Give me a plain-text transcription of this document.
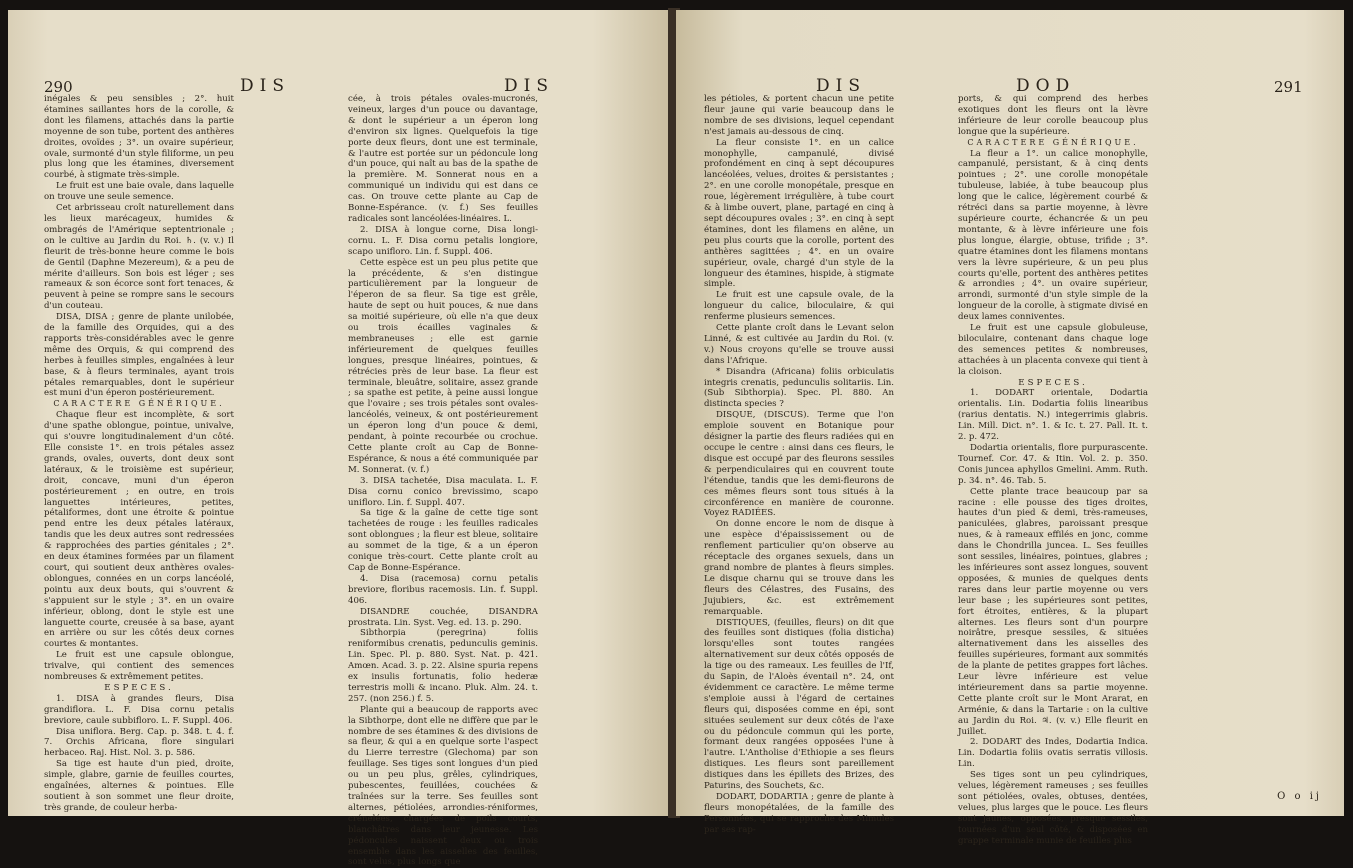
290	DIS	DIS

inégales & peu sensibles ; 2°. huit étamines saillantes hors de la corolle, & dont les filamens, attachés dans la partie moyenne de son tube, portent des anthères droites, ovoïdes ; 3°. un ovaire supérieur, ovale, surmonté d'un style filiforme, un peu plus long que les étamines, diversement courbé, à stigmate très-simple.

Le fruit est une baie ovale, dans laquelle on trouve une seule semence.

Cet arbrisseau croît naturellement dans les lieux marécageux, humides & ombragés de l'Amérique septentrionale ; on le cultive au Jardin du Roi. ♄. (v. v.) Il fleurit de très-bonne heure comme le bois de Gentil (Daphne Mezereum), & a peu de mérite d'ailleurs. Son bois est léger ; ses rameaux & son écorce sont fort tenaces, & peuvent à peine se rompre sans le secours d'un couteau.

DISA, DISA ; genre de plante unilobée, de la famille des Orquides, qui a des rapports très-considérables avec le genre même des Orquis, & qui comprend des herbes à feuilles simples, engaînées à leur base, & à fleurs terminales, ayant trois pétales remarquables, dont le supérieur est muni d'un éperon postérieurement.

CARACTERE GÉNÉRIQUE.

Chaque fleur est incomplète, & sort d'une spathe oblongue, pointue, univalve, qui s'ouvre longitudinalement d'un côté. Elle consiste 1°. en trois pétales assez grands, ovales, ouverts, dont deux sont latéraux, & le troisième est supérieur, droit, concave, muni d'un éperon postérieurement ; en outre, en trois languettes intérieures, petites, pétaliformes, dont une étroite & pointue pend entre les deux pétales latéraux, tandis que les deux autres sont redressées & rapprochées des parties génitales ; 2°. en deux étamines formées par un filament court, qui soutient deux anthères ovales-oblongues, connées en un corps lancéolé, pointu aux deux bouts, qui s'ouvrent & s'appuient sur le style ; 3°. en un ovaire inférieur, oblong, dont le style est une languette courte, creusée à sa base, ayant en arrière ou sur les côtés deux cornes courtes & montantes.

Le fruit est une capsule oblongue, trivalve, qui contient des semences nombreuses & extrêmement petites.

ESPECES.

1. DISA à grandes fleurs, Disa grandiflora. L. F. Disa cornu petalis breviore, caule subbifloro. L. F. Suppl. 406.

Disa uniflora. Berg. Cap. p. 348. t. 4. f. 7. Orchis Africana, flore singulari herbaceo. Raj. Hist. Nol. 3. p. 586.

Sa tige est haute d'un pied, droite, simple, glabre, garnie de feuilles courtes, engaînées, alternes & pointues. Elle soutient à son sommet une fleur droite, très grande, de couleur herba-

cée, à trois pétales ovales-mucronés, veineux, larges d'un pouce ou davantage, & dont le supérieur a un éperon long d'environ six lignes. Quelquefois la tige porte deux fleurs, dont une est terminale, & l'autre est portée sur un pédoncule long d'un pouce, qui naît au bas de la spathe de la première. M. Sonnerat nous en a communiqué un individu qui est dans ce cas. On trouve cette plante au Cap de Bonne-Espérance. (v. f.) Ses feuilles radicales sont lancéolées-linéaires. L.

2. DISA à longue corne, Disa longi-cornu. L. F. Disa cornu petalis longiore, scapo unifloro. Lin. f. Suppl. 406.

Cette espèce est un peu plus petite que la précédente, & s'en distingue particulièrement par la longueur de l'éperon de sa fleur. Sa tige est grêle, haute de sept ou huit pouces, & nue dans sa moitié supérieure, où elle n'a que deux ou trois écailles vaginales & membraneuses ; elle est garnie inférieurement de quelques feuilles longues, presque linéaires, pointues, & rétrécies près de leur base. La fleur est terminale, bleuâtre, solitaire, assez grande ; sa spathe est petite, à peine aussi longue que l'ovaire ; ses trois pétales sont ovales-lancéolés, veineux, & ont postérieurement un éperon long d'un pouce & demi, pendant, à pointe recourbée ou crochue. Cette plante croît au Cap de Bonne-Espérance, & nous a été communiquée par M. Sonnerat. (v. f.)

3. DISA tachetée, Disa maculata. L. F. Disa cornu conico brevissimo, scapo unifloro. Lin. f. Suppl. 407.

Sa tige & la gaîne de cette tige sont tachetées de rouge : les feuilles radicales sont oblongues ; la fleur est bleue, solitaire au sommet de la tige, & a un éperon conique très-court. Cette plante croît au Cap de Bonne-Espérance.

4. Disa (racemosa) cornu petalis breviore, floribus racemosis. Lin. f. Suppl. 406.

DISANDRE couchée, DISANDRA prostrata. Lin. Syst. Veg. ed. 13. p. 290.

Sibthorpia (peregrina) foliis reniformibus crenatis, pedunculis geminis. Lin. Spec. Pl. p. 880. Syst. Nat. p. 421. Amœn. Acad. 3. p. 22. Alsine spuria repens ex insulis fortunatis, folio hederæ terrestris molli & incano. Pluk. Alm. 24. t. 257. (non 256.) f. 5.

Plante qui a beaucoup de rapports avec la Sibthorpe, dont elle ne diffère que par le nombre de ses étamines & des divisions de sa fleur, & qui a en quelque sorte l'aspect du Lierre terrestre (Glechoma) par son feuillage. Ses tiges sont longues d'un pied ou un peu plus, grêles, cylindriques, pubescentes, feuillées, couchées & traînées sur la terre. Ses feuilles sont alternes, pétiolées, arrondies-réniformes, crénelées, chargées de poils courts, blanchâtres dans leur jeunesse. Les pédoncules naissent deux ou trois ensemble dans les aisselles des feuilles, sont velus, plus longs que

DIS	DOD	291

les pétioles, & portent chacun une petite fleur jaune qui varie beaucoup dans le nombre de ses divisions, lequel cependant n'est jamais au-dessous de cinq.

La fleur consiste 1°. en un calice monophylle, campanulé, divisé profondément en cinq à sept découpures lancéolées, velues, droites & persistantes ; 2°. en une corolle monopétale, presque en roue, légèrement irrégulière, à tube court & à limbe ouvert, plane, partagé en cinq à sept découpures ovales ; 3°. en cinq à sept étamines, dont les filamens en alêne, un peu plus courts que la corolle, portent des anthères sagittées ; 4°. en un ovaire supérieur, ovale, chargé d'un style de la longueur des étamines, hispide, à stigmate simple.

Le fruit est une capsule ovale, de la longueur du calice, biloculaire, & qui renferme plusieurs semences.

Cette plante croît dans le Levant selon Linné, & est cultivée au Jardin du Roi. (v. v.) Nous croyons qu'elle se trouve aussi dans l'Afrique.

* Disandra (Africana) foliis orbiculatis integris crenatis, pedunculis solitariis. Lin. (Sub Sibthorpia). Spec. Pl. 880. An distincta species ?

DISQUE, (DISCUS). Terme que l'on emploie souvent en Botanique pour désigner la partie des fleurs radiées qui en occupe le centre : ainsi dans ces fleurs, le disque est occupé par des fleurons sessiles & perpendiculaires qui en couvrent toute l'étendue, tandis que les demi-fleurons de ces mêmes fleurs sont tous situés à la circonférence en manière de couronne. Voyez RADIÉES.

On donne encore le nom de disque à une espèce d'épaississement ou de renflement particulier qu'on observe au réceptacle des organes sexuels, dans un grand nombre de plantes à fleurs simples. Le disque charnu qui se trouve dans les fleurs des Célastres, des Fusains, des Jujubiers, &c. est extrêmement remarquable.

DISTIQUES, (feuilles, fleurs) on dit que des feuilles sont distiques (folia disticha) lorsqu'elles sont toutes rangées alternativement sur deux côtés opposés de la tige ou des rameaux. Les feuilles de l'If, du Sapin, de l'Aloès éventail n°. 24, ont évidemment ce caractère. Le même terme s'emploie aussi à l'égard de certaines fleurs qui, disposées comme en épi, sont situées seulement sur deux côtés de l'axe ou du pédoncule commun qui les porte, formant deux rangées opposées l'une à l'autre. L'Antholise d'Ethiopie a ses fleurs distiques. Les fleurs sont pareillement distiques dans les épillets des Brizes, des Paturins, des Souchets, &c.

DODART, DODARTIA ; genre de plante à fleurs monopétalées, de la famille des Personnées, qui se rapproche des Mimules par ses rap-

ports, & qui comprend des herbes exotiques dont les fleurs ont la lèvre inférieure de leur corolle beaucoup plus longue que la supérieure.

CARACTERE GÉNÉRIQUE.

La fleur a 1°. un calice monophylle, campanulé, persistant, & à cinq dents pointues ; 2°. une corolle monopétale tubuleuse, labiée, à tube beaucoup plus long que le calice, légèrement courbé & rétréci dans sa partie moyenne, à lèvre supérieure courte, échancrée & un peu montante, & à lèvre inférieure une fois plus longue, élargie, obtuse, trifide ; 3°. quatre étamines dont les filamens montans vers la lèvre supérieure, & un peu plus courts qu'elle, portent des anthères petites & arrondies ; 4°. un ovaire supérieur, arrondi, surmonté d'un style simple de la longueur de la corolle, à stigmate divisé en deux lames conniventes.

Le fruit est une capsule globuleuse, biloculaire, contenant dans chaque loge des semences petites & nombreuses, attachées à un placenta convexe qui tient à la cloison.

ESPECES.

1. DODART orientale, Dodartia orientalis. Lin. Dodartia foliis linearibus (rarius dentatis. N.) integerrimis glabris. Lin. Mill. Dict. n°. 1. & Ic. t. 27. Pall. It. t. 2. p. 472.

Dodartia orientalis, flore purpurascente. Tournef. Cor. 47. & Itin. Vol. 2. p. 350. Conis juncea aphyllos Gmelini. Amm. Ruth. p. 34. n°. 46. Tab. 5.

Cette plante trace beaucoup par sa racine : elle pousse des tiges droites, hautes d'un pied & demi, très-rameuses, paniculées, glabres, paroissant presque nues, & à rameaux effilés en jonc, comme dans le Chondrilla juncea. L. Ses feuilles sont sessiles, linéaires, pointues, glabres ; les inférieures sont assez longues, souvent opposées, & munies de quelques dents rares dans leur partie moyenne ou vers leur base ; les supérieures sont petites, fort étroites, entières, & la plupart alternes. Les fleurs sont d'un pourpre noirâtre, presque sessiles, & situées alternativement dans les aisselles des feuilles supérieures, formant aux sommités de la plante de petites grappes fort lâches. Leur lèvre inférieure est velue intérieurement dans sa partie moyenne. Cette plante croît sur le Mont Ararat, en Arménie, & dans la Tartarie : on la cultive au Jardin du Roi. ♃. (v. v.) Elle fleurit en Juillet.

2. DODART des Indes, Dodartia Indica. Lin. Dodartia foliis ovatis serratis villosis. Lin.

Ses tiges sont un peu cylindriques, velues, légèrement rameuses ; ses feuilles sont pétiolées, ovales, obtuses, dentées, velues, plus larges que le pouce. Les fleurs sont jaunes, opposées, presque sessiles, tournées d'un seul côté, & disposées en grappe terminale munie de feuilles plus

O o ij
